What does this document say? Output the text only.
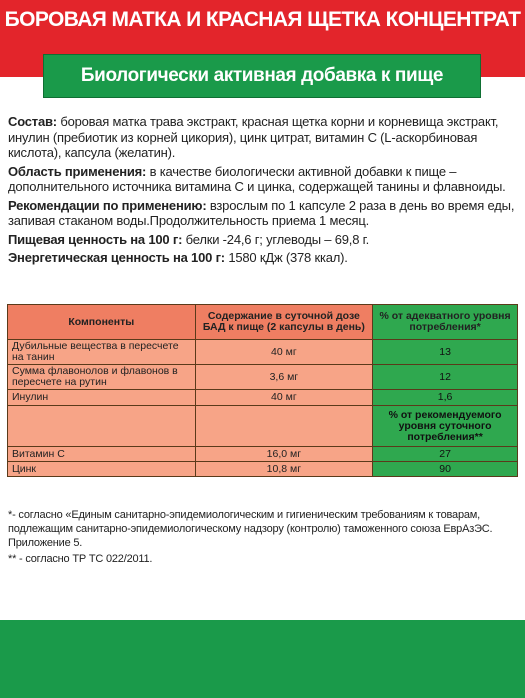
БОРОВАЯ МАТКА И КРАСНАЯ ЩЕТКА КОНЦЕНТРАТ
Биологически активная добавка к пище

Состав: боровая матка трава экстракт, красная щетка корни и корневища экстракт, инулин (пребиотик из корней цикория), цинк цитрат, витамин С (L-аскорбиновая кислота), капсула (желатин).

Область применения: в качестве биологически активной добавки к пище – дополнительного источника витамина С и цинка, содержащей танины и флавноиды.

Рекомендации по применению: взрослым по 1 капсуле 2 раза в день во время еды, запивая стаканом воды.Продолжительность приема 1 месяц.

Пищевая ценность на 100 г: белки -24,6 г; углеводы – 69,8 г.

Энергетическая ценность на 100 г: 1580 кДж (378 ккал).

Компоненты	Содержание в суточной дозе БАД к пище (2 капсулы в день)	% от адекватного уровня потребления*
Дубильные вещества в пересчете на танин	40 мг	13
Сумма флавонолов и флавонов в пересчете на рутин	3,6 мг	12
Инулин	40 мг	1,6
		% от рекомендуемого уровня суточного потребления**
Витамин С	16,0 мг	27
Цинк	10,8 мг	90

*- согласно «Единым санитарно-эпидемиологическим и гигиеническим требованиям к товарам, подлежащим санитарно-эпидемиологическому надзору (контролю) таможенного союза ЕврАзЭС. Приложение 5.

** - согласно ТР ТС 022/2011.
